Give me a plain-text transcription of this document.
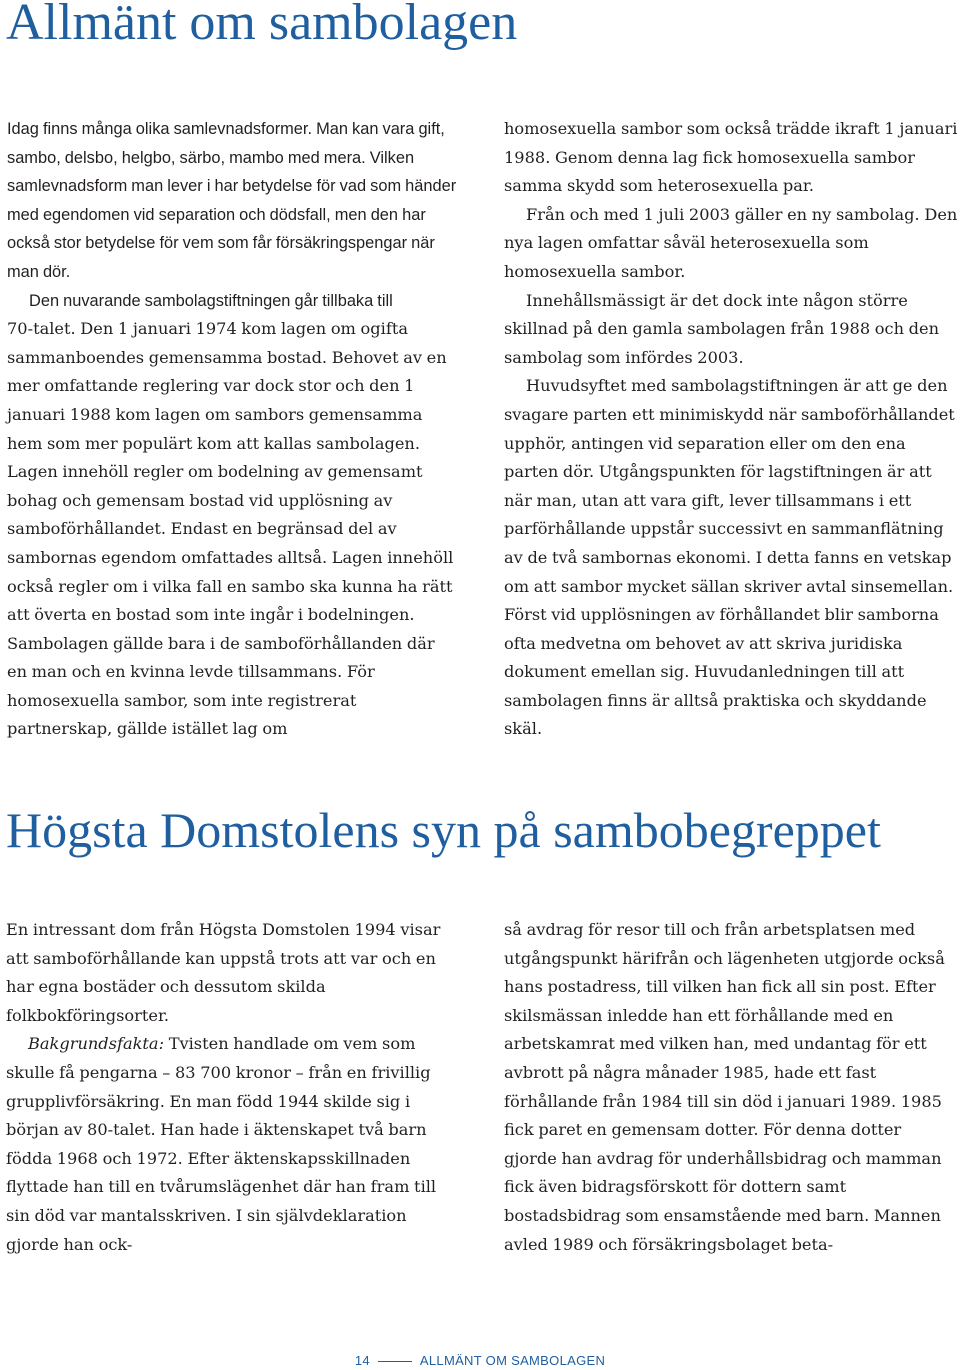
Allmänt om sambolagen

Idag finns många olika samlevnadsformer. Man kan vara gift, sambo, delsbo, helgbo, särbo, mambo med mera. Vilken samlevnadsform man lever i har betydelse för vad som händer med egendomen vid separation och dödsfall, men den har också stor betydelse för vem som får försäkringspengar när man dör.

Den nuvarande sambolagstiftningen går tillbaka till

70-talet. Den 1 januari 1974 kom lagen om ogifta sammanboendes gemensamma bostad. Behovet av en mer omfattande reglering var dock stor och den 1 januari 1988 kom lagen om sambors gemensamma hem som mer populärt kom att kallas sambolagen. Lagen innehöll regler om bodelning av gemensamt bohag och gemensam bostad vid upplösning av samboförhållandet. Endast en begränsad del av sambornas egendom omfattades alltså. Lagen innehöll också regler om i vilka fall en sambo ska kunna ha rätt att överta en bostad som inte ingår i bodelningen. Sambolagen gällde bara i de samboförhållanden där en man och en kvinna levde tillsammans. För homosexuella sambor, som inte registrerat partnerskap, gällde istället lag om

homosexuella sambor som också trädde ikraft 1 januari 1988. Genom denna lag fick homosexuella sambor samma skydd som heterosexuella par.

Från och med 1 juli 2003 gäller en ny sambolag. Den nya lagen omfattar såväl heterosexuella som homosexuella sambor.

Innehållsmässigt är det dock inte någon större skillnad på den gamla sambolagen från 1988 och den sambolag som infördes 2003.

Huvudsyftet med sambolagstiftningen är att ge den svagare parten ett minimiskydd när samboförhållandet upphör, antingen vid separation eller om den ena parten dör. Utgångspunkten för lagstiftningen är att när man, utan att vara gift, lever tillsammans i ett parförhållande uppstår successivt en sammanflätning av de två sambornas ekonomi. I detta fanns en vetskap om att sambor mycket sällan skriver avtal sinsemellan. Först vid upplösningen av förhållandet blir samborna ofta medvetna om behovet av att skriva juridiska dokument emellan sig. Huvudanledningen till att sambolagen finns är alltså praktiska och skyddande skäl.

Högsta Domstolens syn på sambobegreppet

En intressant dom från Högsta Domstolen 1994 visar att samboförhållande kan uppstå trots att var och en har egna bostäder och dessutom skilda folkbokföringsorter.

Bakgrundsfakta: Tvisten handlade om vem som skulle få pengarna – 83 700 kronor – från en frivillig grupplivförsäkring. En man född 1944 skilde sig i början av 80-talet. Han hade i äktenskapet två barn födda 1968 och 1972. Efter äktenskapsskillnaden flyttade han till en tvårumslägenhet där han fram till sin död var mantalsskriven. I sin självdeklaration gjorde han ock-

så avdrag för resor till och från arbetsplatsen med utgångspunkt härifrån och lägenheten utgjorde också hans postadress, till vilken han fick all sin post. Efter skilsmässan inledde han ett förhållande med en arbetskamrat med vilken han, med undantag för ett avbrott på några månader 1985, hade ett fast förhållande från 1984 till sin död i januari 1989. 1985 fick paret en gemensam dotter. För denna dotter gjorde han avdrag för underhållsbidrag och mamman fick även bidragsförskott för dottern samt bostadsbidrag som ensamstående med barn. Mannen avled 1989 och försäkringsbolaget beta-

14	ALLMÄNT OM SAMBOLAGEN
